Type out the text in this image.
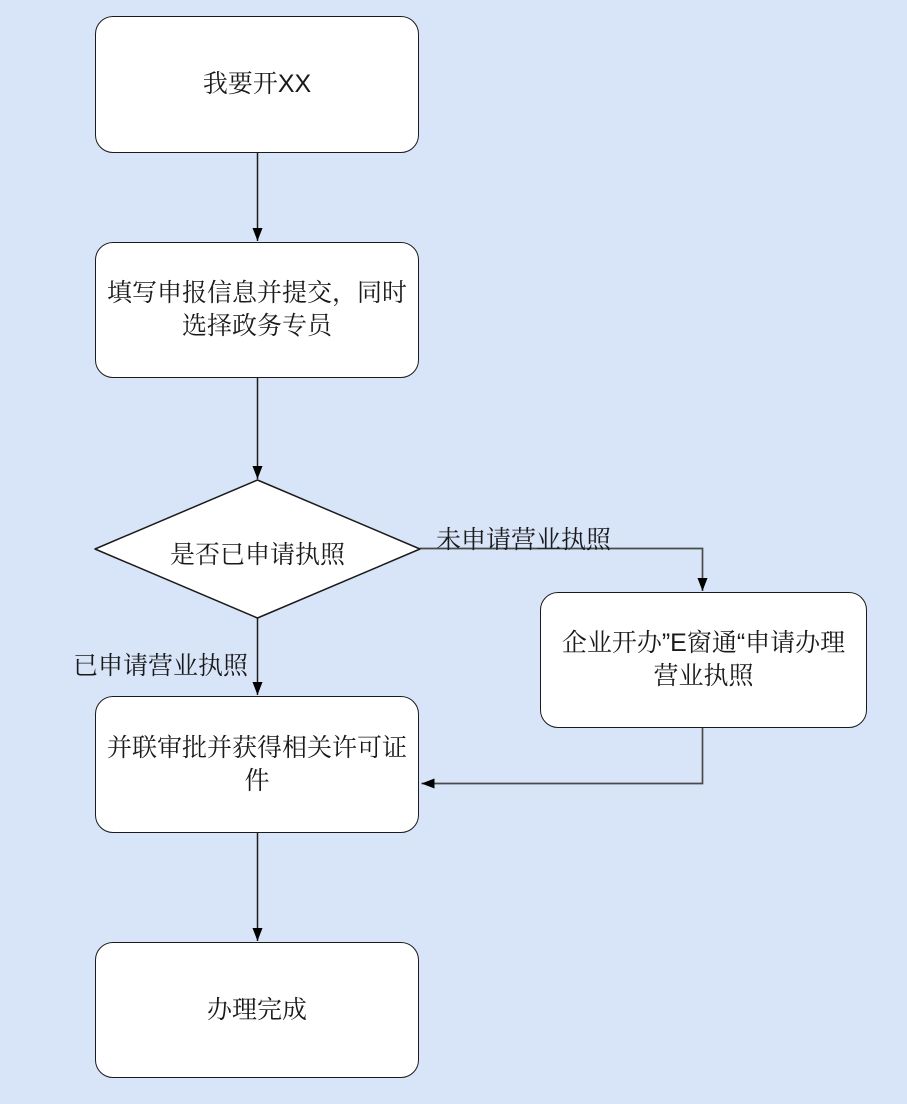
我要开XX
填写申报信息并提交，同时
选择政务专员
是否已申请执照
未申请营业执照
已申请营业执照
企业开办”E窗通“申请办理
营业执照
并联审批并获得相关许可证
件
办理完成
